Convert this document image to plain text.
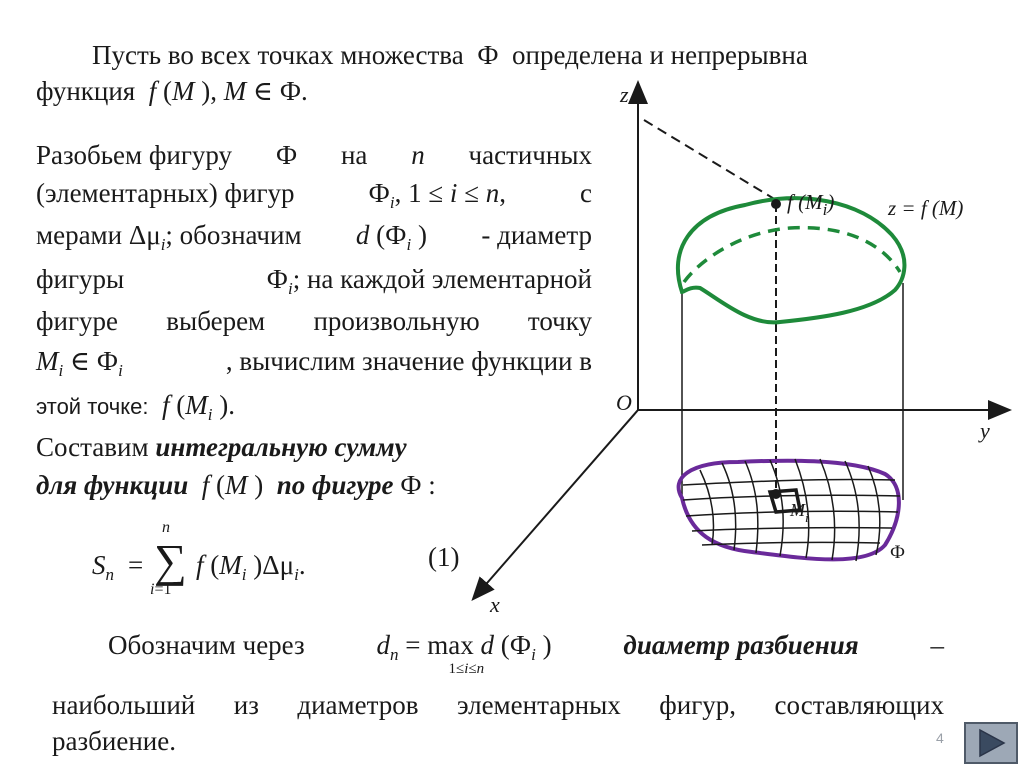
z
y
x
O
z = f (M)
f $(M_i)$
$M_i$
Ф
Пусть во всех точках множества  Ф  определена и непрерывна
функция f (M ), M ∈ Ф.
Разобьем фигуру Ф на n частичных
(элементарных) фигур	$Ф_i$, 1 ≤ i ≤ n,	с
мерами $\Delta\mu_i$; обозначим d ($Ф_i$ ) - диаметр
фигуры	$Ф_i$; на каждой элементарной
фигуре выберем произвольную точку
$M_i$ ∈ $Ф_i$	, вычислим значение функции в
этой точке: f ($M_i$ ).
Составим интегральную сумму
для функции f (M )  по фигуре Ф :
$S_n$ =
n
∑
i=1
f ($M_i$ )$\Delta\mu_i$.	(1)
Обозначим через	$d_n = \max d$ ($Ф_i$ )
1≤i≤n
диаметр разбиения	–
наибольший из диаметров элементарных фигур, составляющих
разбиение.	4
